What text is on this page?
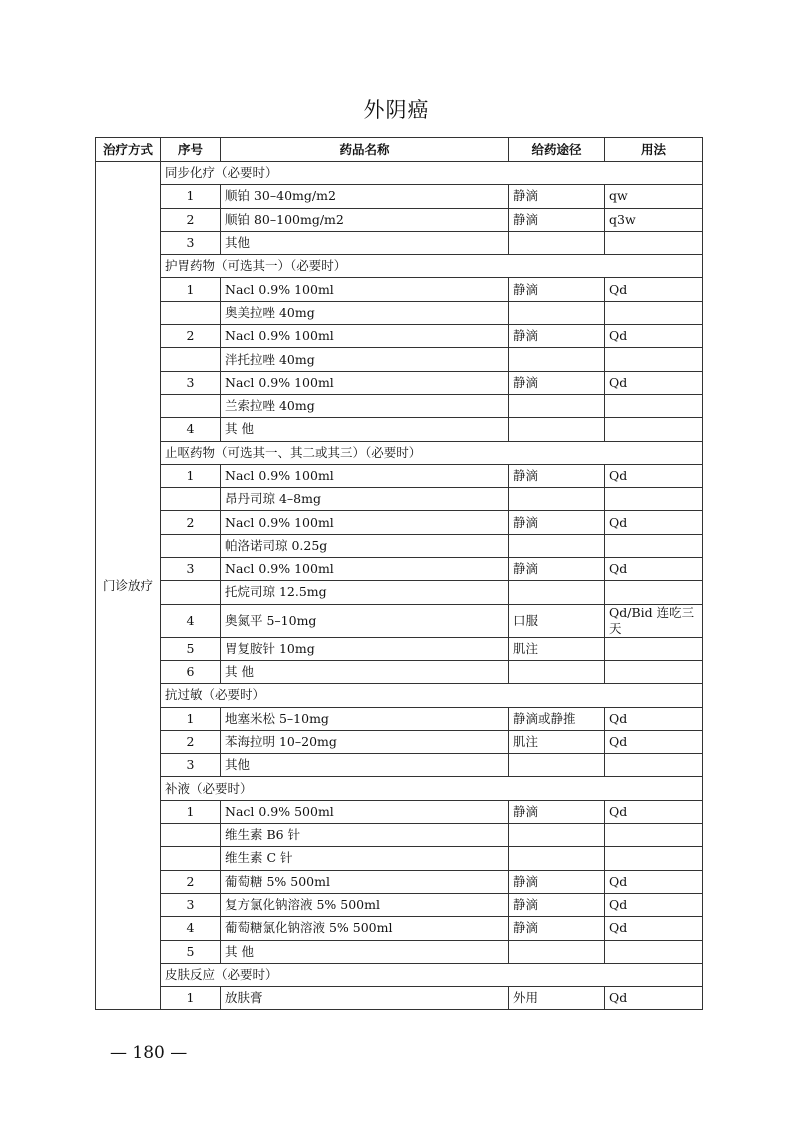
外阴癌
治疗方式	序号	药品名称	给药途径	用法
门诊放疗	同步化疗（必要时）			
	1	顺铂 30–40mg/m2	静滴	qw
	2	顺铂 80–100mg/m2	静滴	q3w
	3	其他		
	护胃药物（可选其一）（必要时）			
	1	Nacl 0.9% 100ml	静滴	Qd
		奥美拉唑 40mg		
	2	Nacl 0.9% 100ml	静滴	Qd
		泮托拉唑 40mg		
	3	Nacl 0.9% 100ml	静滴	Qd
		兰索拉唑 40mg		
	4	其 他		
	止呕药物（可选其一、其二或其三）（必要时）			
	1	Nacl 0.9% 100ml	静滴	Qd
		昂丹司琼 4–8mg		
	2	Nacl 0.9% 100ml	静滴	Qd
		帕洛诺司琼 0.25g		
	3	Nacl 0.9% 100ml	静滴	Qd
		托烷司琼 12.5mg		
	4	奥氮平 5–10mg	口服	Qd/Bid 连吃三天
	5	胃复胺针 10mg	肌注	
	6	其 他		
	抗过敏（必要时）			
	1	地塞米松 5–10mg	静滴或静推	Qd
	2	苯海拉明 10–20mg	肌注	Qd
	3	其他		
	补液（必要时）			
	1	Nacl 0.9% 500ml	静滴	Qd
		维生素 B6 针		
		维生素 C 针		
	2	葡萄糖 5% 500ml	静滴	Qd
	3	复方氯化钠溶液 5% 500ml	静滴	Qd
	4	葡萄糖氯化钠溶液 5% 500ml	静滴	Qd
	5	其 他		
	皮肤反应（必要时）			
	1	放肤膏	外用	Qd
— 180 —
